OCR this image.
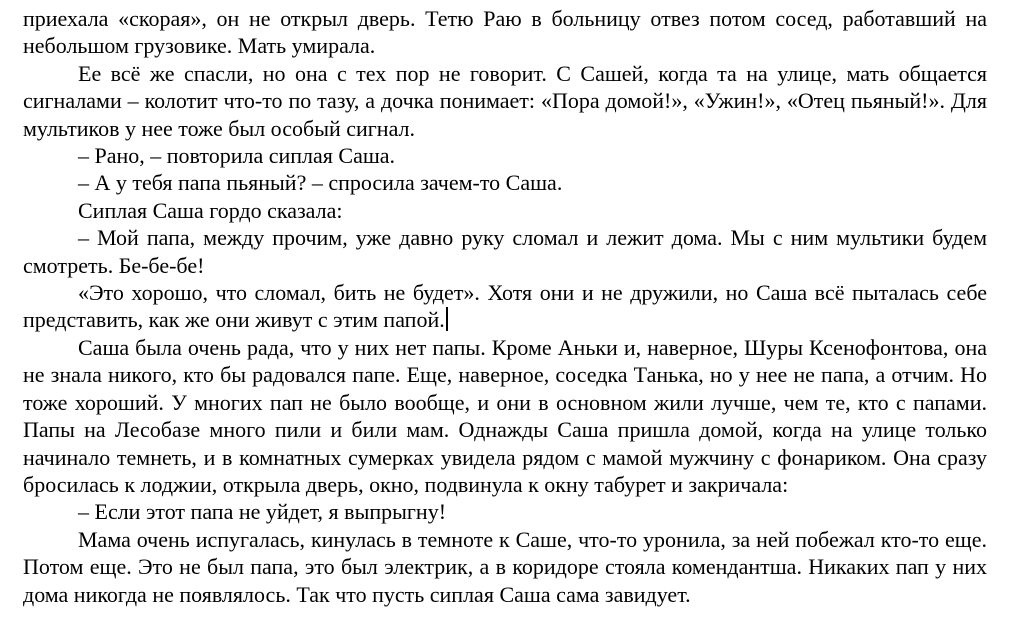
приехала «скорая», он не открыл дверь. Тетю Раю в больницу отвез потом сосед, работавший на небольшом грузовике. Мать умирала.

Ее всё же спасли, но она с тех пор не говорит. С Сашей, когда та на улице, мать общается сигналами – колотит что-то по тазу, а дочка понимает: «Пора домой!», «Ужин!», «Отец пьяный!». Для мультиков у нее тоже был особый сигнал.

– Рано, – повторила сиплая Саша.

– А у тебя папа пьяный? – спросила зачем-то Саша.

Сиплая Саша гордо сказала:

– Мой папа, между прочим, уже давно руку сломал и лежит дома. Мы с ним мультики будем смотреть. Бе-бе-бе!

«Это хорошо, что сломал, бить не будет». Хотя они и не дружили, но Саша всё пыталась себе представить, как же они живут с этим папой.

Саша была очень рада, что у них нет папы. Кроме Аньки и, наверное, Шуры Ксенофонтова, она не знала никого, кто бы радовался папе. Еще, наверное, соседка Танька, но у нее не папа, а отчим. Но тоже хороший. У многих пап не было вообще, и они в основном жили лучше, чем те, кто с папами. Папы на Лесобазе много пили и били мам. Однажды Саша пришла домой, когда на улице только начинало темнеть, и в комнатных сумерках увидела рядом с мамой мужчину с фонариком. Она сразу бросилась к лоджии, открыла дверь, окно, подвинула к окну табурет и закричала:

– Если этот папа не уйдет, я выпрыгну!

Мама очень испугалась, кинулась в темноте к Саше, что-то уронила, за ней побежал кто-то еще. Потом еще. Это не был папа, это был электрик, а в коридоре стояла комендантша. Никаких пап у них дома никогда не появлялось. Так что пусть сиплая Саша сама завидует.
